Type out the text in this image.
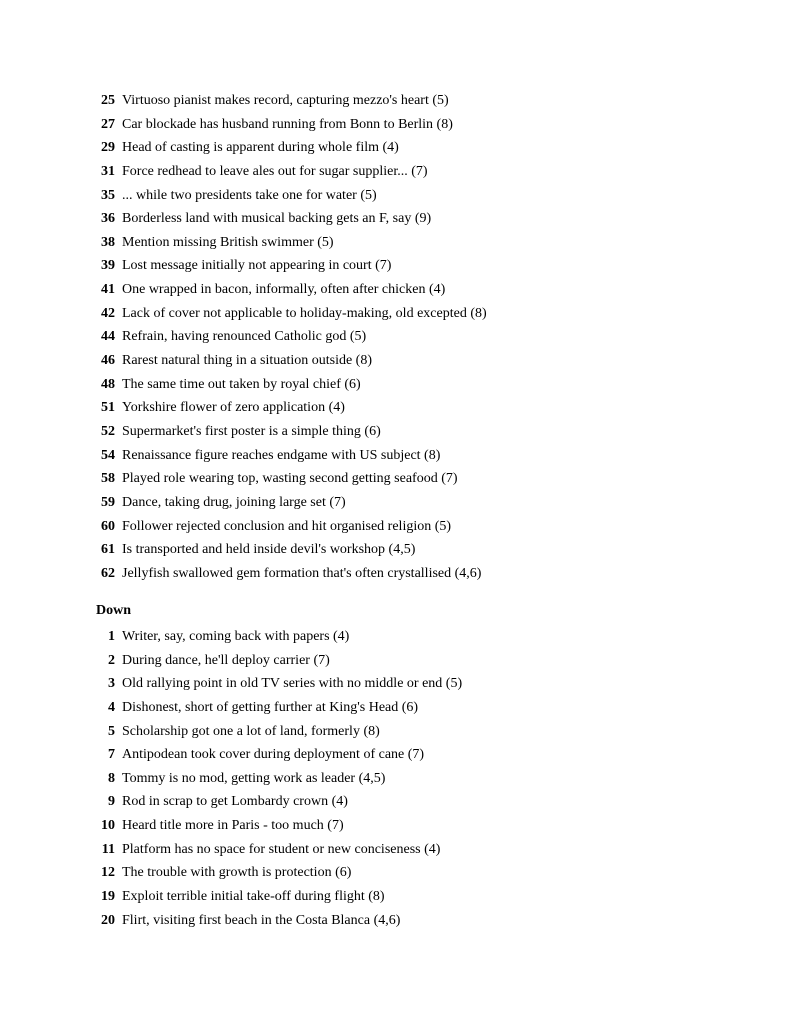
25 Virtuoso pianist makes record, capturing mezzo's heart (5)
27 Car blockade has husband running from Bonn to Berlin (8)
29 Head of casting is apparent during whole film (4)
31 Force redhead to leave ales out for sugar supplier... (7)
35 ... while two presidents take one for water (5)
36 Borderless land with musical backing gets an F, say (9)
38 Mention missing British swimmer (5)
39 Lost message initially not appearing in court (7)
41 One wrapped in bacon, informally, often after chicken (4)
42 Lack of cover not applicable to holiday-making, old excepted (8)
44 Refrain, having renounced Catholic god (5)
46 Rarest natural thing in a situation outside (8)
48 The same time out taken by royal chief (6)
51 Yorkshire flower of zero application (4)
52 Supermarket's first poster is a simple thing (6)
54 Renaissance figure reaches endgame with US subject (8)
58 Played role wearing top, wasting second getting seafood (7)
59 Dance, taking drug, joining large set (7)
60 Follower rejected conclusion and hit organised religion (5)
61 Is transported and held inside devil's workshop (4,5)
62 Jellyfish swallowed gem formation that's often crystallised (4,6)
Down
1 Writer, say, coming back with papers (4)
2 During dance, he'll deploy carrier (7)
3 Old rallying point in old TV series with no middle or end (5)
4 Dishonest, short of getting further at King's Head (6)
5 Scholarship got one a lot of land, formerly (8)
7 Antipodean took cover during deployment of cane (7)
8 Tommy is no mod, getting work as leader (4,5)
9 Rod in scrap to get Lombardy crown (4)
10 Heard title more in Paris - too much (7)
11 Platform has no space for student or new conciseness (4)
12 The trouble with growth is protection (6)
19 Exploit terrible initial take-off during flight (8)
20 Flirt, visiting first beach in the Costa Blanca (4,6)
